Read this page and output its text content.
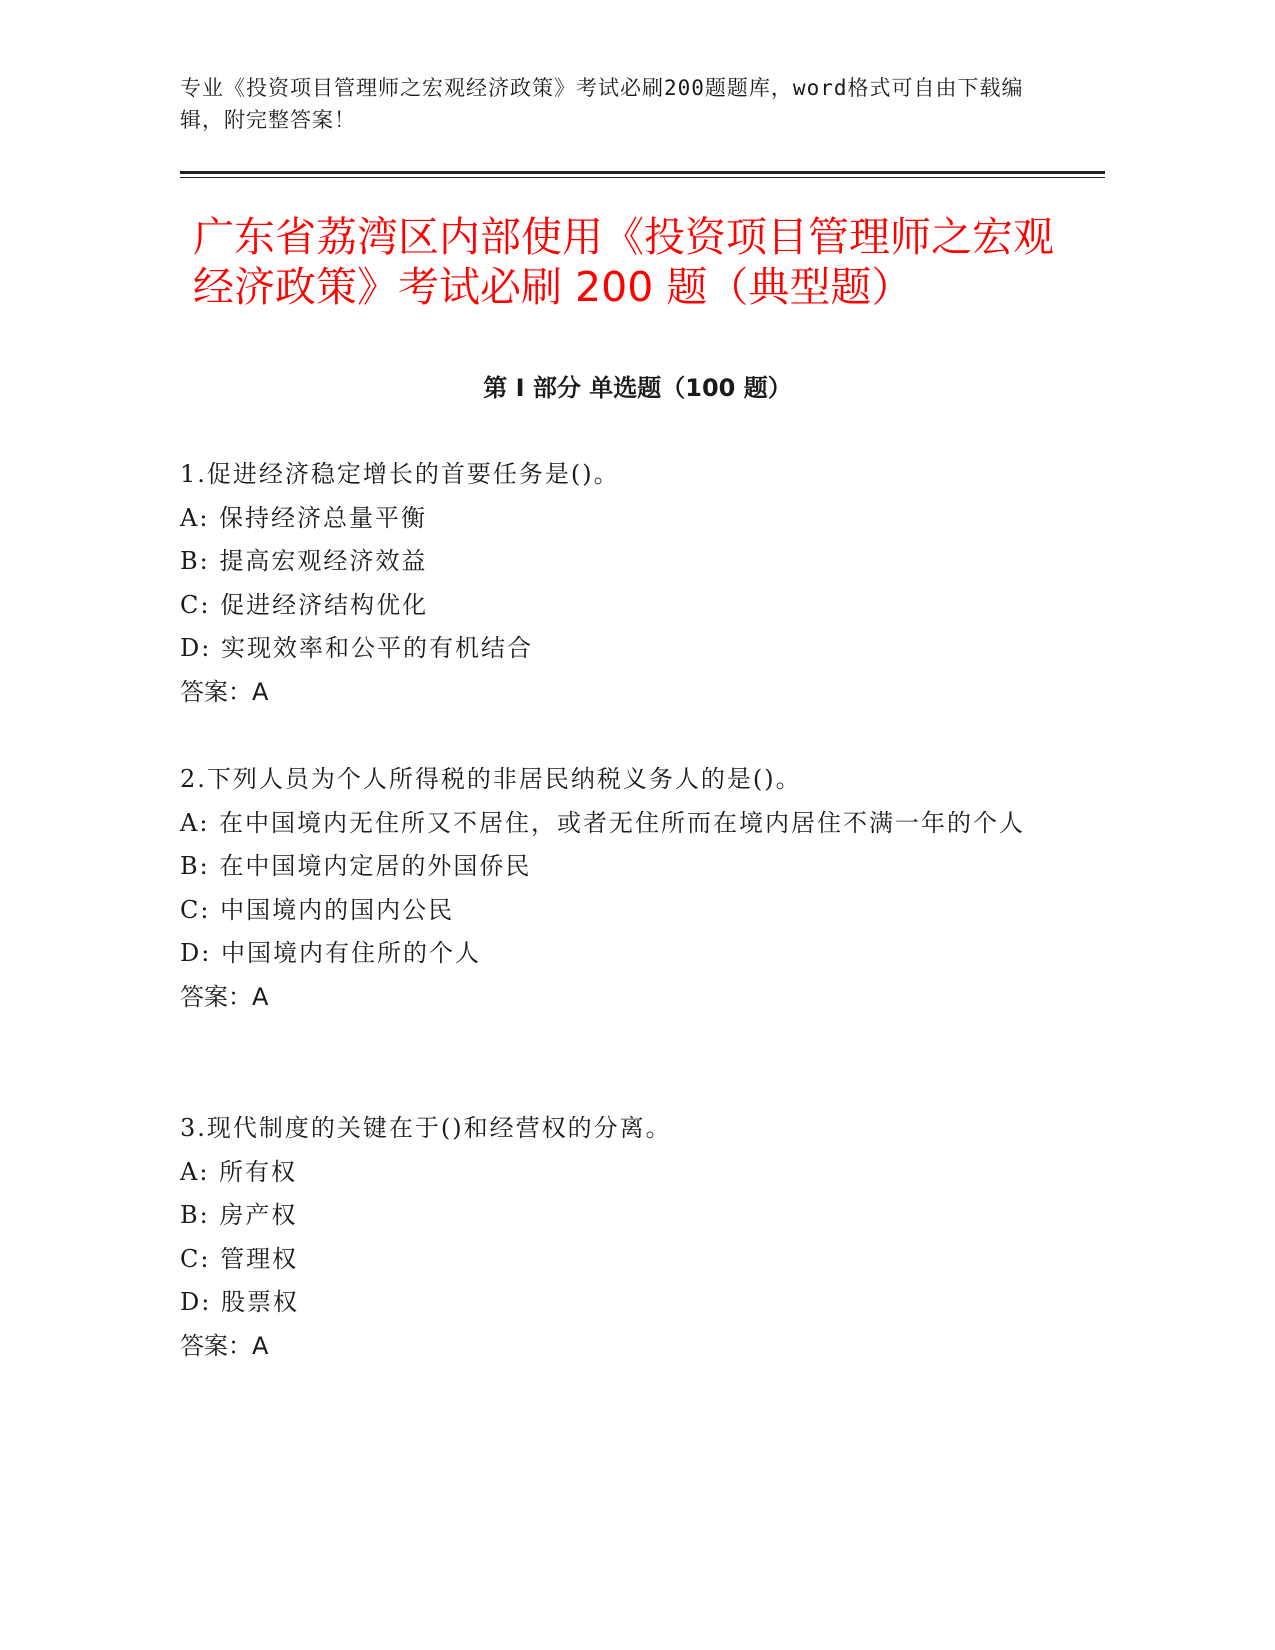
专业《投资项目管理师之宏观经济政策》考试必刷200题题库，word格式可自由下载编辑，附完整答案！
广东省荔湾区内部使用《投资项目管理师之宏观经济政策》考试必刷 200 题（典型题）
第 I 部分 单选题（100 题）
1.促进经济稳定增长的首要任务是()。
A: 保持经济总量平衡
B: 提高宏观经济效益
C: 促进经济结构优化
D: 实现效率和公平的有机结合
答案：A
2.下列人员为个人所得税的非居民纳税义务人的是()。
A: 在中国境内无住所又不居住，或者无住所而在境内居住不满一年的个人
B: 在中国境内定居的外国侨民
C: 中国境内的国内公民
D: 中国境内有住所的个人
答案：A
3.现代制度的关键在于()和经营权的分离。
A: 所有权
B: 房产权
C: 管理权
D: 股票权
答案：A
